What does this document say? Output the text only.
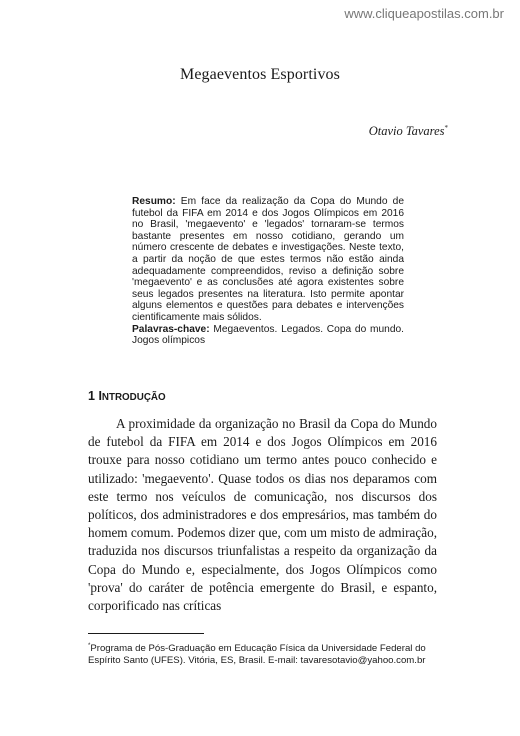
www.cliqueapostilas.com.br
Megaeventos Esportivos
Otavio Tavares*
Resumo: Em face da realização da Copa do Mundo de futebol da FIFA em 2014 e dos Jogos Olímpicos em 2016 no Brasil, 'megaevento' e 'legados' tornaram-se termos bastante presentes em nosso cotidiano, gerando um número crescente de debates e investigações. Neste texto, a partir da noção de que estes termos não estão ainda adequadamente compreendidos, reviso a definição sobre 'megaevento' e as conclusões até agora existentes sobre seus legados presentes na literatura. Isto permite apontar alguns elementos e questões para debates e intervenções cientificamente mais sólidos.
Palavras-chave: Megaeventos. Legados. Copa do mundo. Jogos olímpicos
1 INTRODUÇÃO

A proximidade da organização no Brasil da Copa do Mundo de futebol da FIFA em 2014 e dos Jogos Olímpicos em 2016 trouxe para nosso cotidiano um termo antes pouco conhecido e utilizado: 'megaevento'. Quase todos os dias nos deparamos com este termo nos veículos de comunicação, nos discursos dos políticos, dos administradores e dos empresários, mas também do homem comum. Podemos dizer que, com um misto de admiração, traduzida nos discursos triunfalistas a respeito da organização da Copa do Mundo e, especialmente, dos Jogos Olímpicos como 'prova' do caráter de potência emergente do Brasil, e espanto, corporificado nas críticas

*Programa de Pós-Graduação em Educação Física da Universidade Federal do Espírito Santo (UFES). Vitória, ES, Brasil. E-mail: tavaresotavio@yahoo.com.br
